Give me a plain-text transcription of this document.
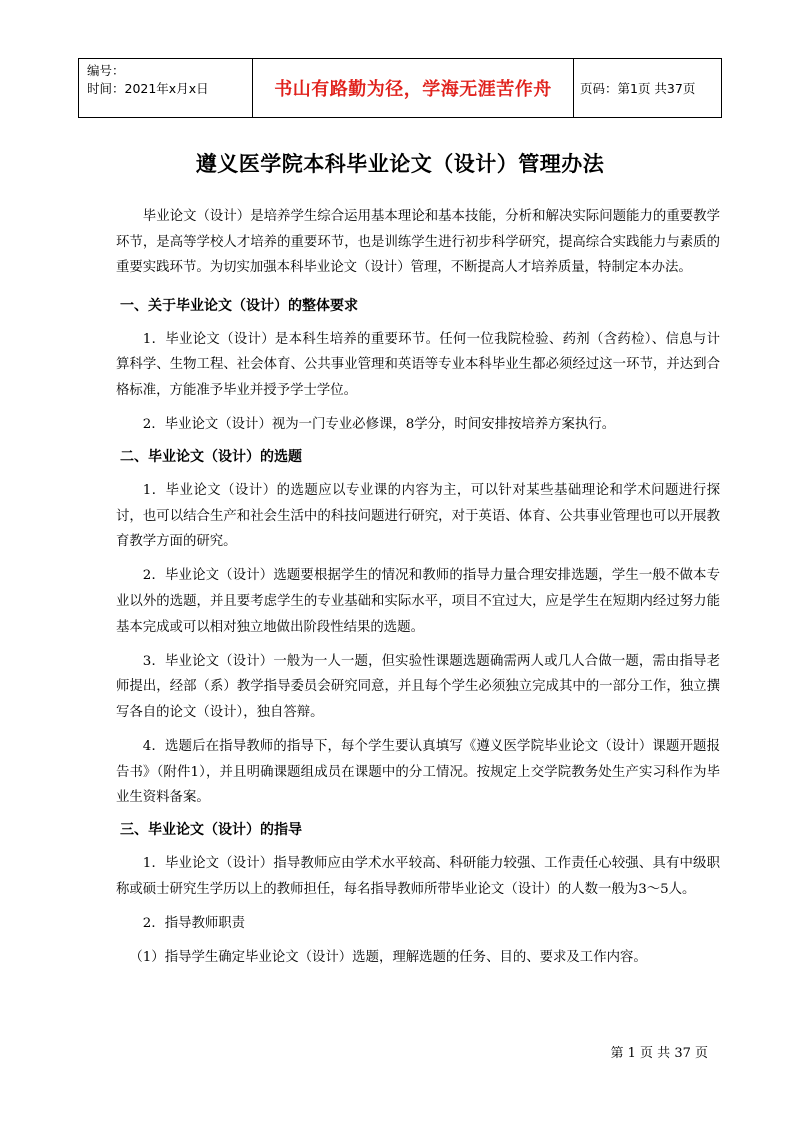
编号：
时间：2021年x月x日	书山有路勤为径，学海无涯苦作舟	页码：第1页 共37页
遵义医学院本科毕业论文（设计）管理办法

毕业论文（设计）是培养学生综合运用基本理论和基本技能，分析和解决实际问题能力的重要教学环节，是高等学校人才培养的重要环节，也是训练学生进行初步科学研究，提高综合实践能力与素质的重要实践环节。为切实加强本科毕业论文（设计）管理，不断提高人才培养质量，特制定本办法。

一、关于毕业论文（设计）的整体要求

1．毕业论文（设计）是本科生培养的重要环节。任何一位我院检验、药剂（含药检）、信息与计算科学、生物工程、社会体育、公共事业管理和英语等专业本科毕业生都必须经过这一环节，并达到合格标准，方能准予毕业并授予学士学位。

2．毕业论文（设计）视为一门专业必修课，8学分，时间安排按培养方案执行。

二、毕业论文（设计）的选题

1．毕业论文（设计）的选题应以专业课的内容为主，可以针对某些基础理论和学术问题进行探讨，也可以结合生产和社会生活中的科技问题进行研究，对于英语、体育、公共事业管理也可以开展教育教学方面的研究。

2．毕业论文（设计）选题要根据学生的情况和教师的指导力量合理安排选题，学生一般不做本专业以外的选题，并且要考虑学生的专业基础和实际水平，项目不宜过大，应是学生在短期内经过努力能基本完成或可以相对独立地做出阶段性结果的选题。

3．毕业论文（设计）一般为一人一题，但实验性课题选题确需两人或几人合做一题，需由指导老师提出，经部（系）教学指导委员会研究同意，并且每个学生必须独立完成其中的一部分工作，独立撰写各自的论文（设计），独自答辩。

4．选题后在指导教师的指导下，每个学生要认真填写《遵义医学院毕业论文（设计）课题开题报告书》（附件1），并且明确课题组成员在课题中的分工情况。按规定上交学院教务处生产实习科作为毕业生资料备案。

三、毕业论文（设计）的指导

1．毕业论文（设计）指导教师应由学术水平较高、科研能力较强、工作责任心较强、具有中级职称或硕士研究生学历以上的教师担任，每名指导教师所带毕业论文（设计）的人数一般为3～5人。

2．指导教师职责

（1）指导学生确定毕业论文（设计）选题，理解选题的任务、目的、要求及工作内容。

第 1 页 共 37 页
